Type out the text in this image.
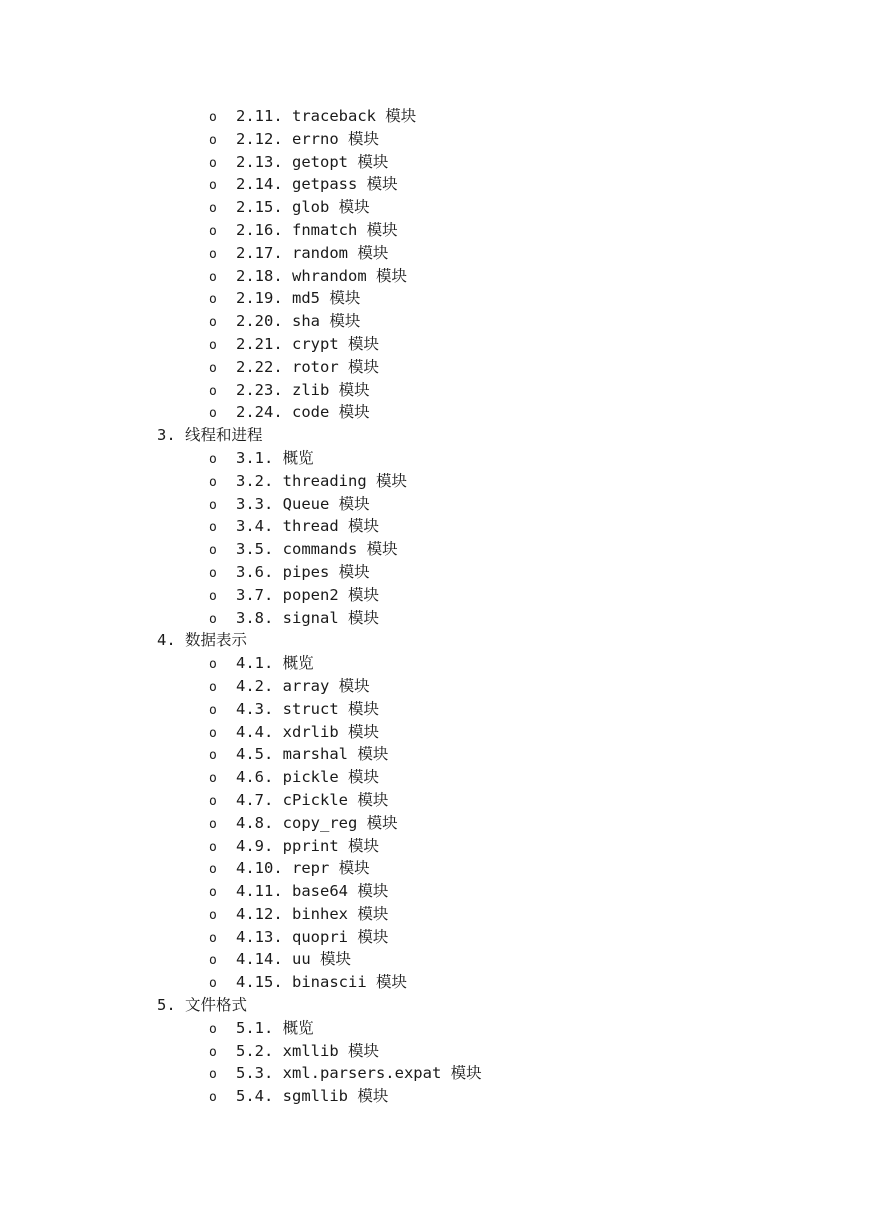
o 2.11. traceback 模块
o 2.12. errno 模块
o 2.13. getopt 模块
o 2.14. getpass 模块
o 2.15. glob 模块
o 2.16. fnmatch 模块
o 2.17. random 模块
o 2.18. whrandom 模块
o 2.19. md5 模块
o 2.20. sha 模块
o 2.21. crypt 模块
o 2.22. rotor 模块
o 2.23. zlib 模块
o 2.24. code 模块
3. 线程和进程
o 3.1. 概览
o 3.2. threading 模块
o 3.3. Queue 模块
o 3.4. thread 模块
o 3.5. commands 模块
o 3.6. pipes 模块
o 3.7. popen2 模块
o 3.8. signal 模块
4. 数据表示
o 4.1. 概览
o 4.2. array 模块
o 4.3. struct 模块
o 4.4. xdrlib 模块
o 4.5. marshal 模块
o 4.6. pickle 模块
o 4.7. cPickle 模块
o 4.8. copy_reg 模块
o 4.9. pprint 模块
o 4.10. repr 模块
o 4.11. base64 模块
o 4.12. binhex 模块
o 4.13. quopri 模块
o 4.14. uu 模块
o 4.15. binascii 模块
5. 文件格式
o 5.1. 概览
o 5.2. xmllib 模块
o 5.3. xml.parsers.expat 模块
o 5.4. sgmllib 模块
